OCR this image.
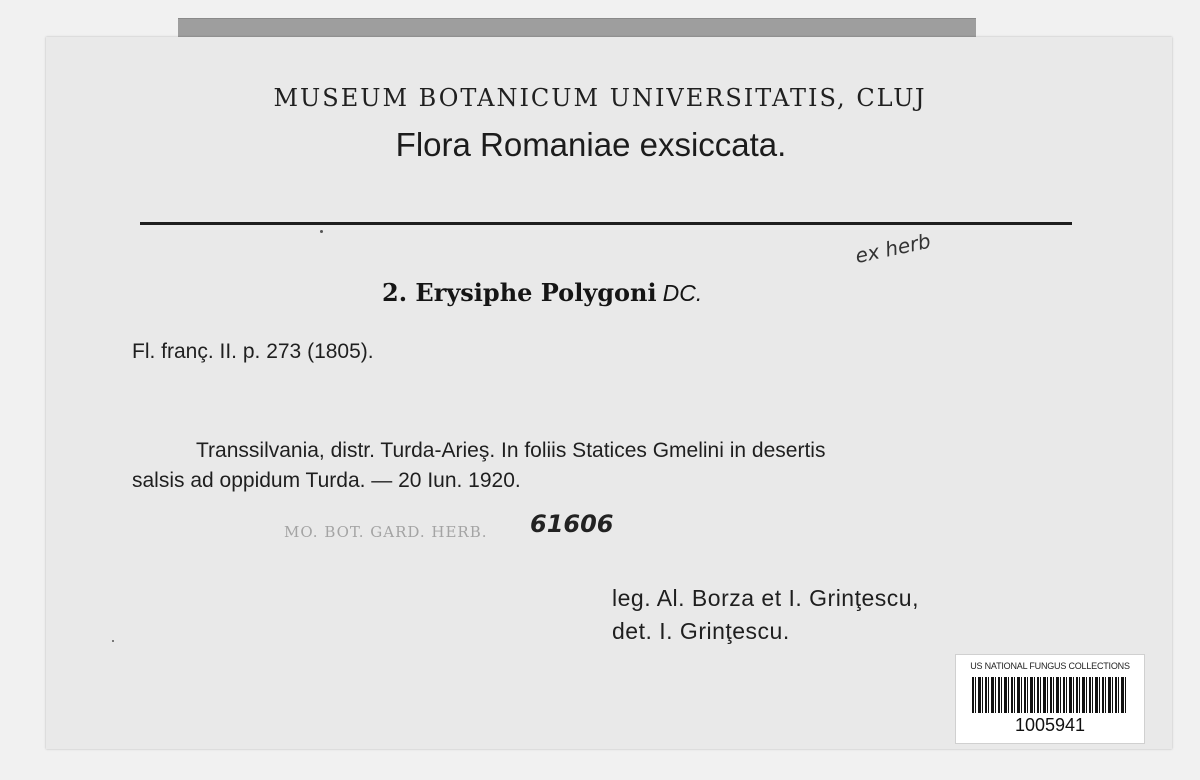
MUSEUM BOTANICUM UNIVERSITATIS, CLUJ
Flora Romaniae exsiccata.
2. Erysiphe Polygoni DC.
ex herb
Fl. franç. II. p. 273 (1805).
Transsilvania, distr. Turda-Arieş. In foliis Statices Gmelini in desertis
salsis ad oppidum Turda. — 20 Iun. 1920.
MO. BOT. GARD. HERB. 61606
leg. Al. Borza et I. Grinţescu,
det. I. Grinţescu.
US NATIONAL FUNGUS COLLECTIONS
1005941
